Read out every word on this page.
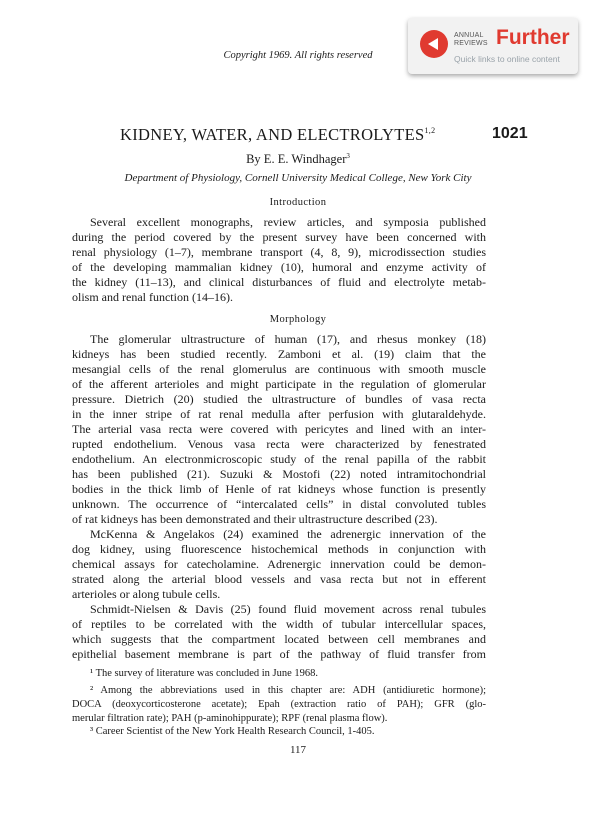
Copyright 1969. All rights reserved
ANNUAL
REVIEWS Further
Quick links to online content
KIDNEY, WATER, AND ELECTROLYTES$^{1,2}$	1021
By E. E. Windhager$^3$
Department of Physiology, Cornell University Medical College, New York City
Introduction
Several excellent monographs, review articles, and symposia published
during the period covered by the present survey have been concerned with
renal physiology (1–7), membrane transport (4, 8, 9), microdissection studies
of the developing mammalian kidney (10), humoral and enzyme activity of
the kidney (11–13), and clinical disturbances of fluid and electrolyte metab-
olism and renal function (14–16).
Morphology
The glomerular ultrastructure of human (17), and rhesus monkey (18)
kidneys has been studied recently. Zamboni et al. (19) claim that the
mesangial cells of the renal glomerulus are continuous with smooth muscle
of the afferent arterioles and might participate in the regulation of glomerular
pressure. Dietrich (20) studied the ultrastructure of bundles of vasa recta
in the inner stripe of rat renal medulla after perfusion with glutaraldehyde.
The arterial vasa recta were covered with pericytes and lined with an inter-
rupted endothelium. Venous vasa recta were characterized by fenestrated
endothelium. An electronmicroscopic study of the renal papilla of the rabbit
has been published (21). Suzuki & Mostofi (22) noted intramitochondrial
bodies in the thick limb of Henle of rat kidneys whose function is presently
unknown. The occurrence of “intercalated cells” in distal convoluted tubles
of rat kidneys has been demonstrated and their ultrastructure described (23).
McKenna & Angelakos (24) examined the adrenergic innervation of the
dog kidney, using fluorescence histochemical methods in conjunction with
chemical assays for catecholamine. Adrenergic innervation could be demon-
strated along the arterial blood vessels and vasa recta but not in efferent
arterioles or along tubule cells.
Schmidt-Nielsen & Davis (25) found fluid movement across renal tubules
of reptiles to be correlated with the width of tubular intercellular spaces,
which suggests that the compartment located between cell membranes and
epithelial basement membrane is part of the pathway of fluid transfer from
¹ The survey of literature was concluded in June 1968.
² Among the abbreviations used in this chapter are: ADH (antidiuretic hormone);
DOCA (deoxycorticosterone acetate); Epah (extraction ratio of PAH); GFR (glo-
merular filtration rate); PAH (p-aminohippurate); RPF (renal plasma flow).
³ Career Scientist of the New York Health Research Council, 1-405.
117
